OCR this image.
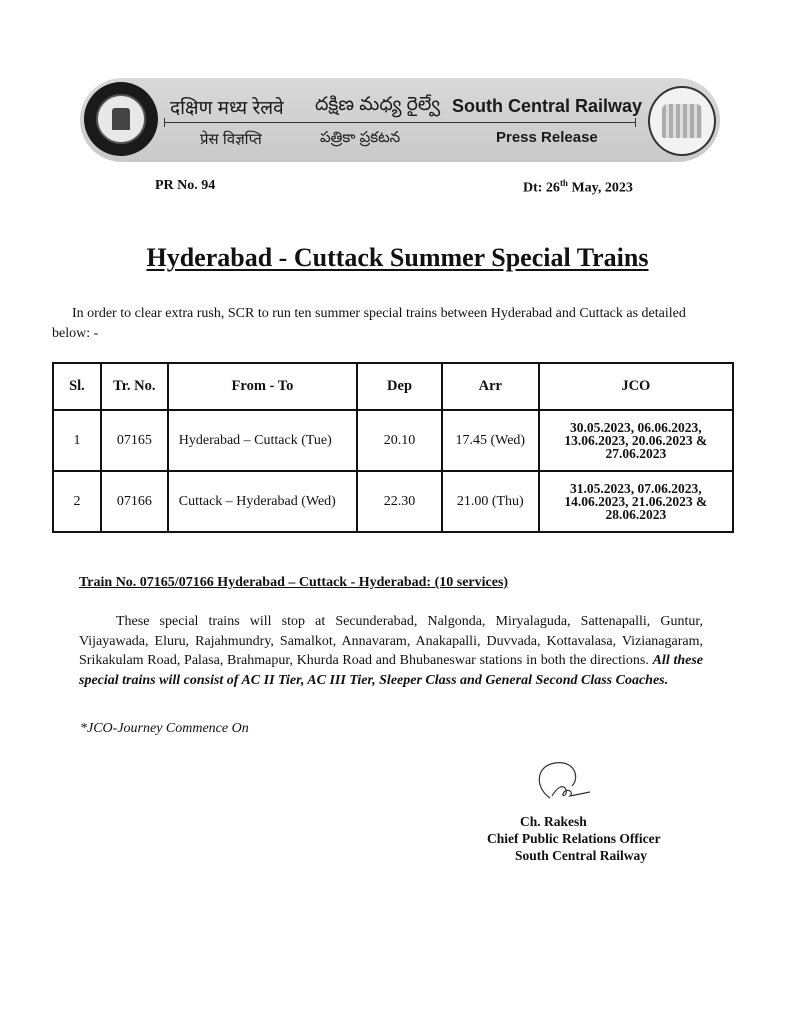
दक्षिण मध्य रेलवे దక్షిణ మధ్య రైల్వే South Central Railway
प्रेस विज्ञप्ति	పత్రికా ప్రకటన	Press Release
PR No. 94	Dt: 26th May, 2023
Hyderabad - Cuttack Summer Special Trains
In order to clear extra rush, SCR to run ten summer special trains between Hyderabad and Cuttack as detailed below: -
Sl.	Tr. No.	From - To	Dep	Arr	JCO
1	07165	Hyderabad – Cuttack (Tue)	20.10	17.45 (Wed)	30.05.2023, 06.06.2023,
13.06.2023, 20.06.2023 &
27.06.2023

2	07166	Cuttack – Hyderabad (Wed)	22.30	21.00 (Thu)	31.05.2023, 07.06.2023,
14.06.2023, 21.06.2023 &
28.06.2023
Train No. 07165/07166 Hyderabad – Cuttack - Hyderabad: (10 services)
These special trains will stop at Secunderabad, Nalgonda, Miryalaguda, Sattenapalli, Guntur, Vijayawada, Eluru, Rajahmundry, Samalkot, Annavaram, Anakapalli, Duvvada, Kottavalasa, Vizianagaram, Srikakulam Road, Palasa, Brahmapur, Khurda Road and Bhubaneswar stations in both the directions. All these special trains will consist of AC II Tier, AC III Tier, Sleeper Class and General Second Class Coaches.
*JCO-Journey Commence On
Ch. Rakesh
Chief Public Relations Officer
South Central Railway
